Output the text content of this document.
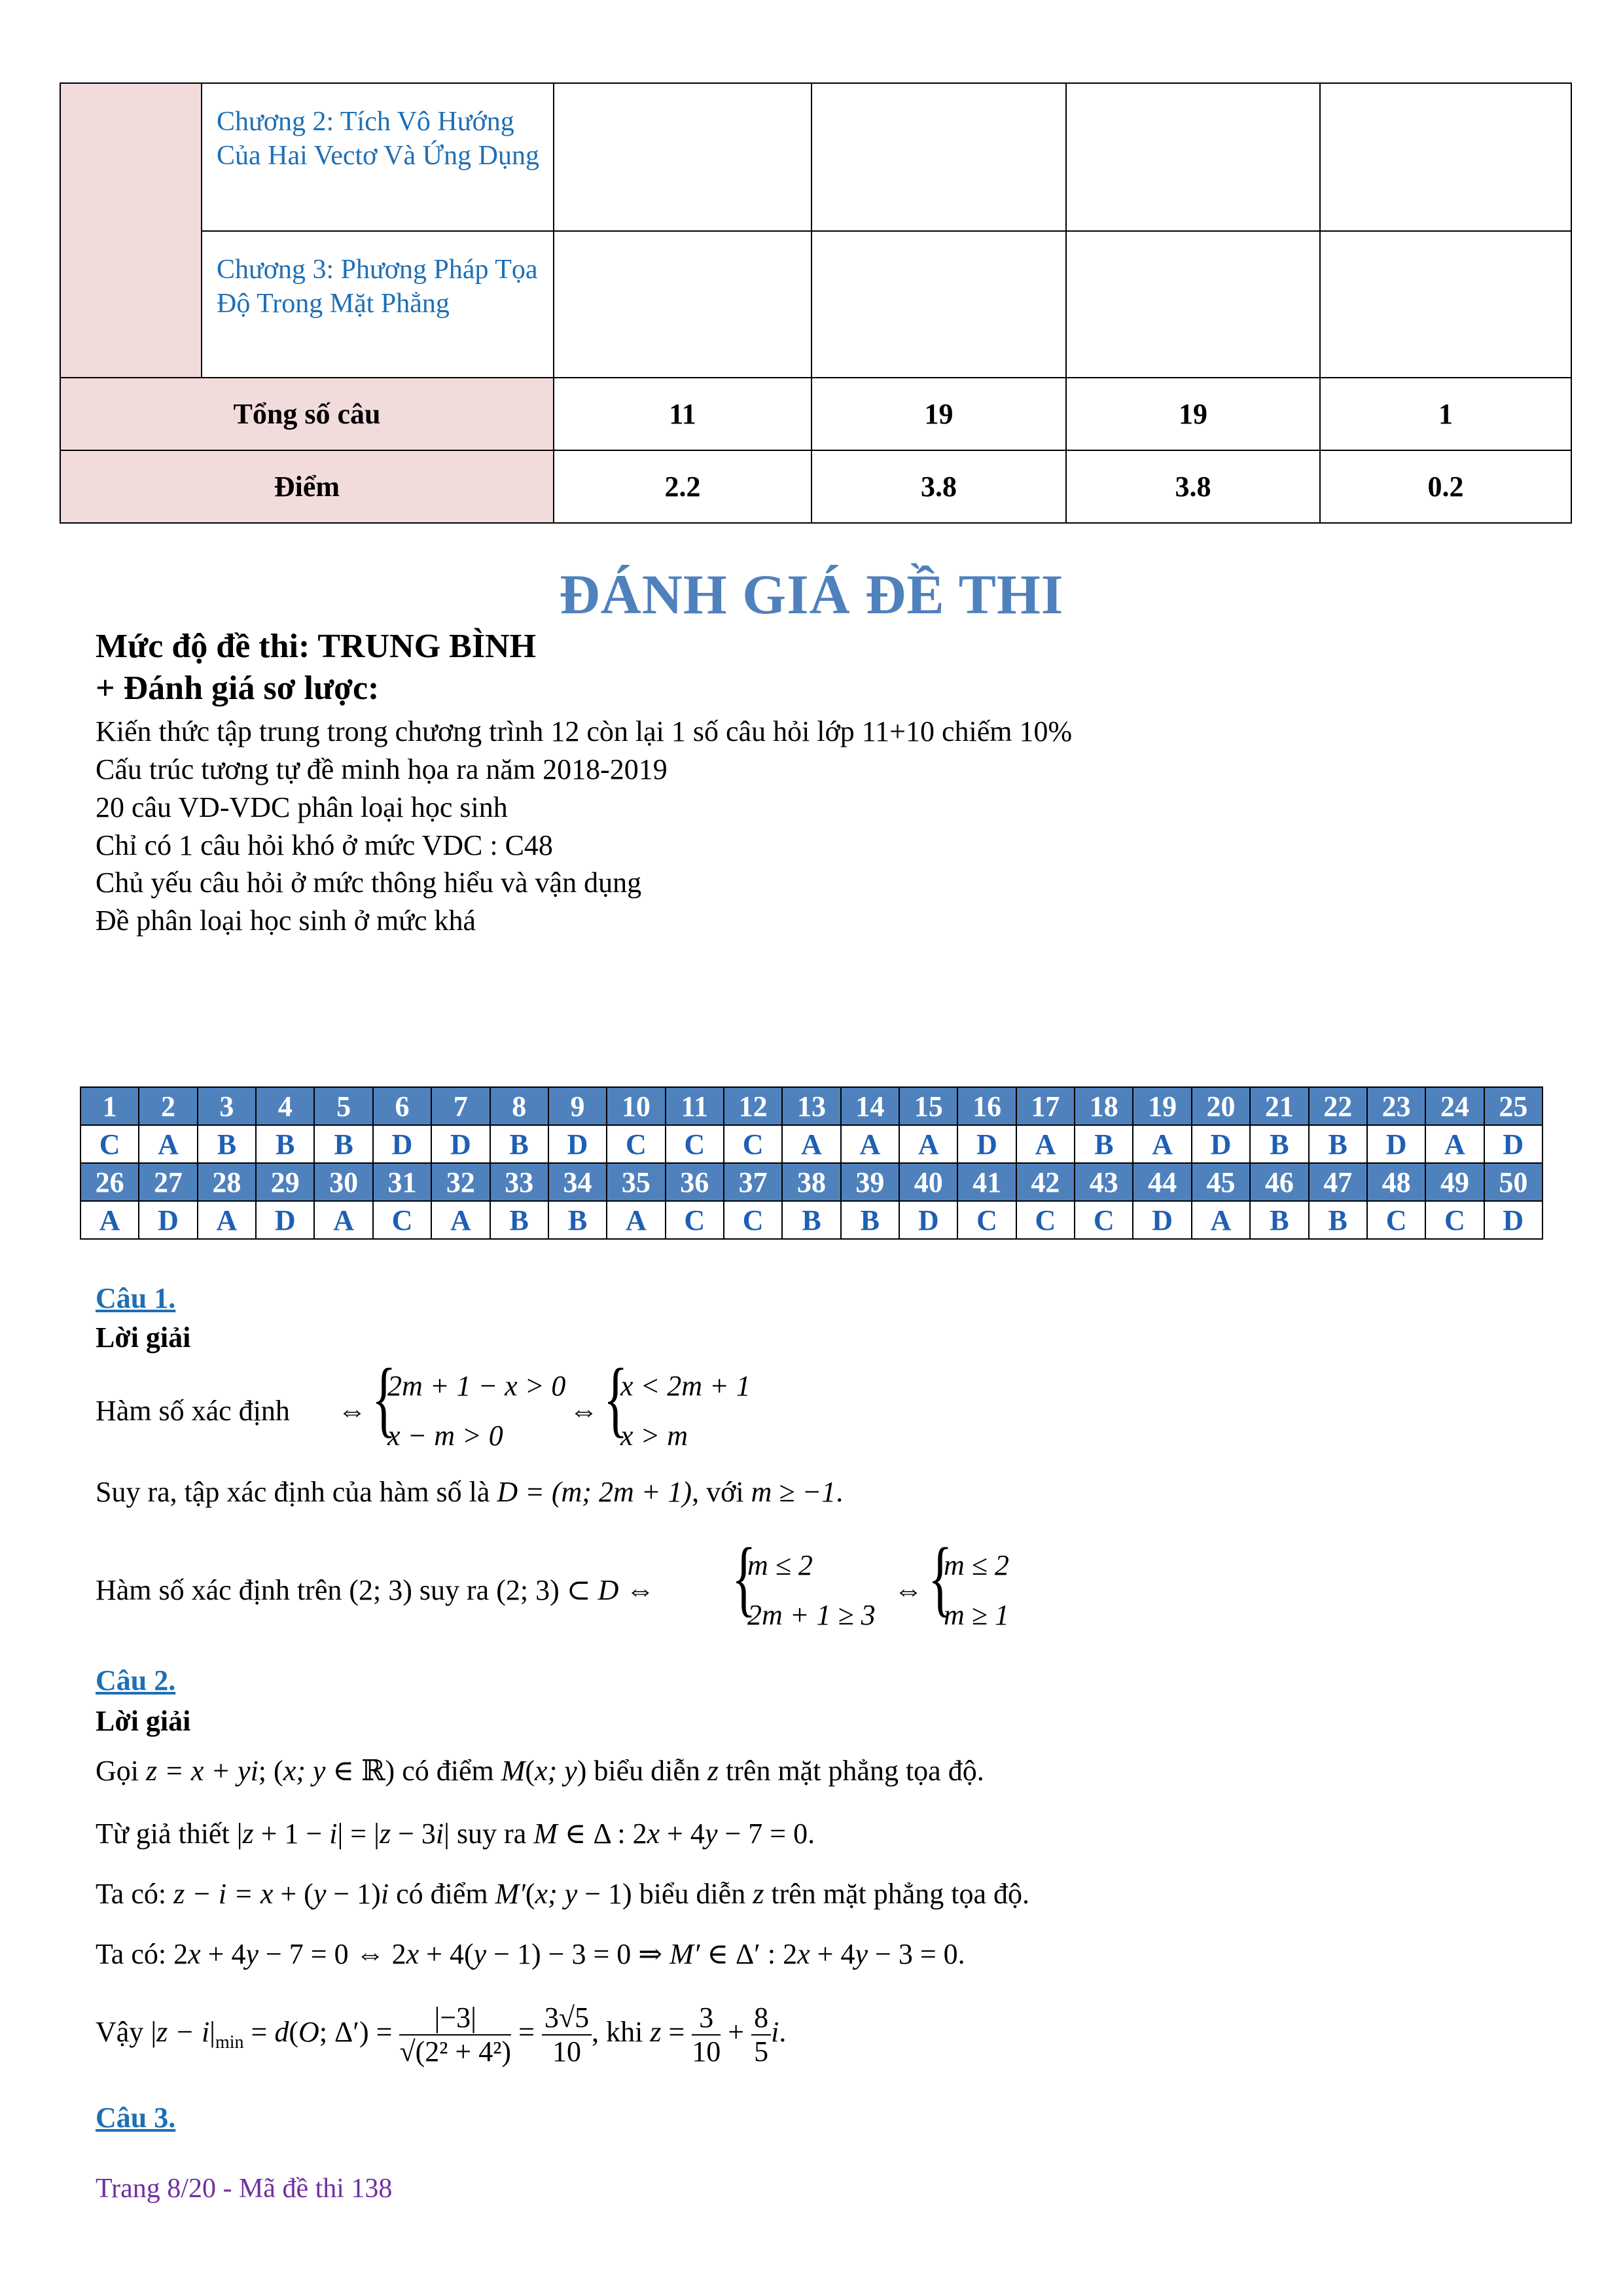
	Chương 2: Tích Vô Hướng Của Hai Vectơ Và Ứng Dụng				
	Chương 3: Phương Pháp Tọa Độ Trong Mặt Phẳng				
Tổng số câu		11	19	19	1
Điểm		2.2	3.8	3.8	0.2
ĐÁNH GIÁ ĐỀ THI
Mức độ đề thi: TRUNG BÌNH
+ Đánh giá sơ lược:
Kiến thức tập trung trong chương trình 12 còn lại 1 số câu hỏi lớp 11+10 chiếm 10%
Cấu trúc tương tự đề minh họa ra năm 2018-2019
20 câu VD-VDC phân loại học sinh
Chỉ có 1 câu hỏi khó ở mức VDC : C48
Chủ yếu câu hỏi ở mức thông hiểu và vận dụng
Đề phân loại học sinh ở mức khá
1	2	3	4	5	6	7	8	9	10	11	12	13	14	15	16	17	18	19	20	21	22	23	24	25
C	A	B	B	B	D	D	B	D	C	C	C	A	A	A	D	A	B	A	D	B	B	D	A	D
26	27	28	29	30	31	32	33	34	35	36	37	38	39	40	41	42	43	44	45	46	47	48	49	50
A	D	A	D	A	C	A	B	B	A	C	C	B	B	D	C	C	C	D	A	B	B	C	C	D
Câu 1.
Lời giải
Hàm số xác định ⇔ {
2m + 1 − x > 0
x − m > 0
⇔ {
x < 2m + 1
x > m
Suy ra, tập xác định của hàm số là D = (m; 2m + 1), với m ≥ −1.
Hàm số xác định trên (2; 3) suy ra (2; 3) ⊂ D ⇔ {
m ≤ 2
2m + 1 ≥ 3
⇔ {
m ≤ 2
m ≥ 1
Câu 2.
Lời giải
Gọi z = x + yi; (x; y ∈ ℝ) có điểm M(x; y) biểu diễn z trên mặt phẳng tọa độ.
Từ giả thiết |z + 1 − i| = |z − 3i| suy ra M ∈ Δ : 2x + 4y − 7 = 0.
Ta có: z − i = x + (y − 1)i có điểm M′(x; y − 1) biểu diễn z trên mặt phẳng tọa độ.
Ta có: 2x + 4y − 7 = 0 ⇔ 2x + 4(y − 1) − 3 = 0 ⇒ M′ ∈ Δ′ : 2x + 4y − 3 = 0.
Vậy $|z - i|_{min} = d(O$; $\Delta') = \frac{|-3|}{\text{√(2² + 4²)}} = \frac{3√5}{10}$ , khi $z = \frac{3}{10} + \frac{8}{5} i$.
Câu 3.
Trang 8/20 - Mã đề thi 138
